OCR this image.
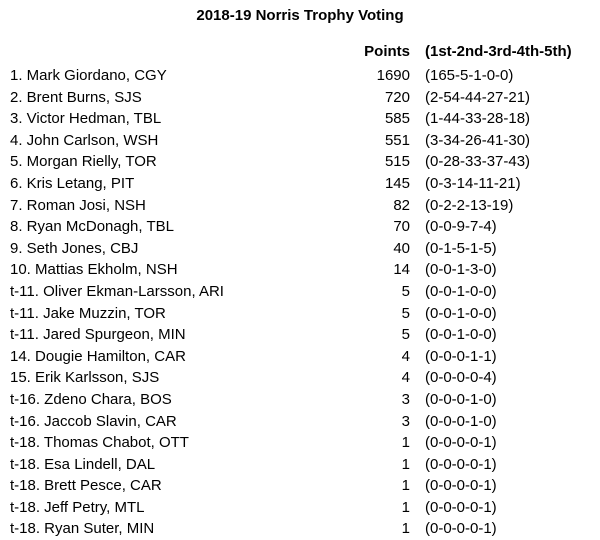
2018-19 Norris Trophy Voting
Points (1st-2nd-3rd-4th-5th)
1. Mark Giordano, CGY	1690 (165-5-1-0-0)
2. Brent Burns, SJS	720 (2-54-44-27-21)
3. Victor Hedman, TBL	585 (1-44-33-28-18)
4. John Carlson, WSH	551 (3-34-26-41-30)
5. Morgan Rielly, TOR	515 (0-28-33-37-43)
6. Kris Letang, PIT	145 (0-3-14-11-21)
7. Roman Josi, NSH	82 (0-2-2-13-19)
8. Ryan McDonagh, TBL	70 (0-0-9-7-4)
9. Seth Jones, CBJ	40 (0-1-5-1-5)
10. Mattias Ekholm, NSH	14 (0-0-1-3-0)
t-11. Oliver Ekman-Larsson, ARI	5 (0-0-1-0-0)
t-11. Jake Muzzin, TOR	5 (0-0-1-0-0)
t-11. Jared Spurgeon, MIN	5 (0-0-1-0-0)
14. Dougie Hamilton, CAR	4 (0-0-0-1-1)
15. Erik Karlsson, SJS	4 (0-0-0-0-4)
t-16. Zdeno Chara, BOS	3 (0-0-0-1-0)
t-16. Jaccob Slavin, CAR	3 (0-0-0-1-0)
t-18. Thomas Chabot, OTT	1 (0-0-0-0-1)
t-18. Esa Lindell, DAL	1 (0-0-0-0-1)
t-18. Brett Pesce, CAR	1 (0-0-0-0-1)
t-18. Jeff Petry, MTL	1 (0-0-0-0-1)
t-18. Ryan Suter, MIN	1 (0-0-0-0-1)
